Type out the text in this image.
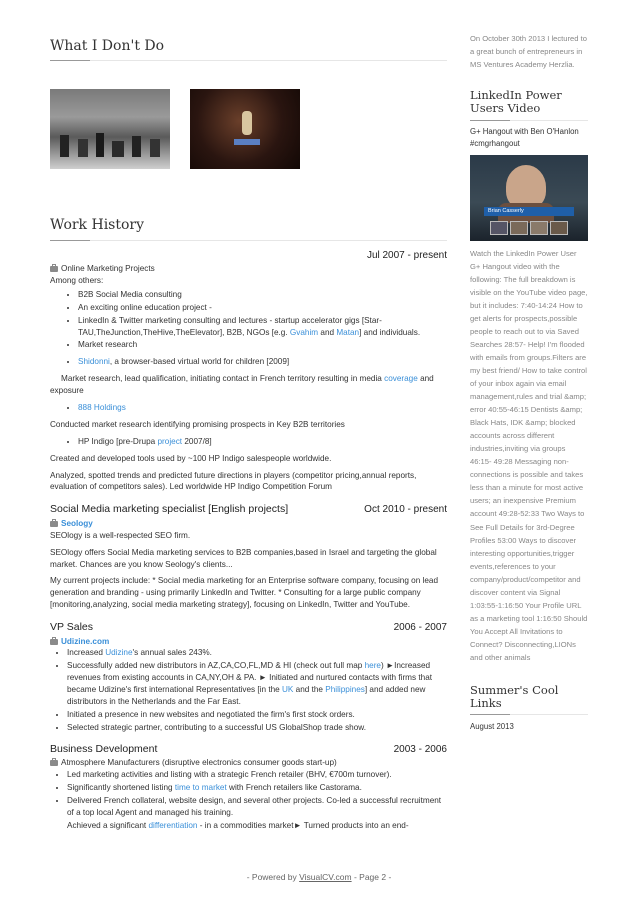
What I Don't Do
Work History
Jul 2007 - present
Online Marketing Projects

Among others:

• B2B Social Media consulting
• An exciting online education project -
• LinkedIn & Twitter marketing consulting and lectures - startup accelerator gigs [Star-TAU,TheJunction,TheHive,TheElevator], B2B, NGOs [e.g. Gvahim and Matan] and individuals.
• Market research
• Shidonni, a browser-based virtual world for children [2009]

Market research, lead qualification, initiating contact in French territory resulting in media coverage and exposure

• 888 Holdings

Conducted market research identifying promising prospects in Key B2B territories

• HP Indigo [pre-Drupa project 2007/8]

Created and developed tools used by ~100 HP Indigo salespeople worldwide.

Analyzed, spotted trends and predicted future directions in players (competitor pricing,annual reports, evaluation of competitors sales). Led worldwide HP Indigo Competition Forum

Social Media marketing specialist [English projects]	Oct 2010 - present
Seology

SEOlogy is a well-respected SEO firm.

SEOlogy offers Social Media marketing services to B2B companies,based in Israel and targeting the global market. Chances are you know Seology's clients...

My current projects include: * Social media marketing for an Enterprise software company, focusing on lead generation and branding - using primarily LinkedIn and Twitter. * Consulting for a large public company [monitoring,analyzing, social media marketing strategy], focusing on LinkedIn, Twitter and YouTube.

VP Sales	2006 - 2007
Udizine.com
• Increased Udizine's annual sales 243%.
• Successfully added new distributors in AZ,CA,CO,FL,MD & HI (check out full map here) ►Increased revenues from existing accounts in CA,NY,OH & PA. ► Initiated and nurtured contacts with firms that became Udizine's first international Representatives [in the UK and the Philippines] and added new distributors in the Netherlands and the Far East.
• Initiated a presence in new websites and negotiated the firm's first stock orders.
• Selected strategic partner, contributing to a successful US GlobalShop trade show.
Business Development	2003 - 2006
Atmosphere Manufacturers (disruptive electronics consumer goods start-up)
• Led marketing activities and listing with a strategic French retailer (BHV, €700m turnover).
• Significantly shortened listing time to market with French retailers like Castorama.
• Delivered French collateral, website design, and several other projects. Co-led a successful recruitment of a top local Agent and managed his training.
• Achieved a significant differentiation - in a commodities market► Turned products into an end-
On October 30th 2013 I lectured to a great bunch of entrepreneurs in MS Ventures Academy Herzlia.
LinkedIn Power Users Video
G+ Hangout with Ben O'Hanlon #cmgrhangout
Brian Casserly
Watch the LinkedIn Power User G+ Hangout video with the following: The full breakdown is visible on the YouTube video page, but it includes: 7:40-14:24 How to get alerts for prospects,possible people to reach out to via Saved Searches 28:57- Help! I'm flooded with emails from groups.Filters are my best friend/ How to take control of your inbox again via email management,rules and trial &amp; error 40:55-46:15 Dentists &amp; Black Hats, IDK &amp; blocked accounts across different industries,inviting via groups 46:15- 49:28 Messaging non-connections is possible and takes less than a minute for most active users; an inexpensive Premium account 49:28-52:33 Two Ways to See Full Details for 3rd-Degree Profiles 53:00 Ways to discover interesting opportunities,trigger events,references to your company/product/competitor and discover content via Signal 1:03:55-1:16:50 Your Profile URL as a marketing tool 1:16:50 Should You Accept All Invitations to Connect? Disconnecting,LIONs and other animals
Summer's Cool Links
August 2013
- Powered by VisualCV.com - Page 2 -
